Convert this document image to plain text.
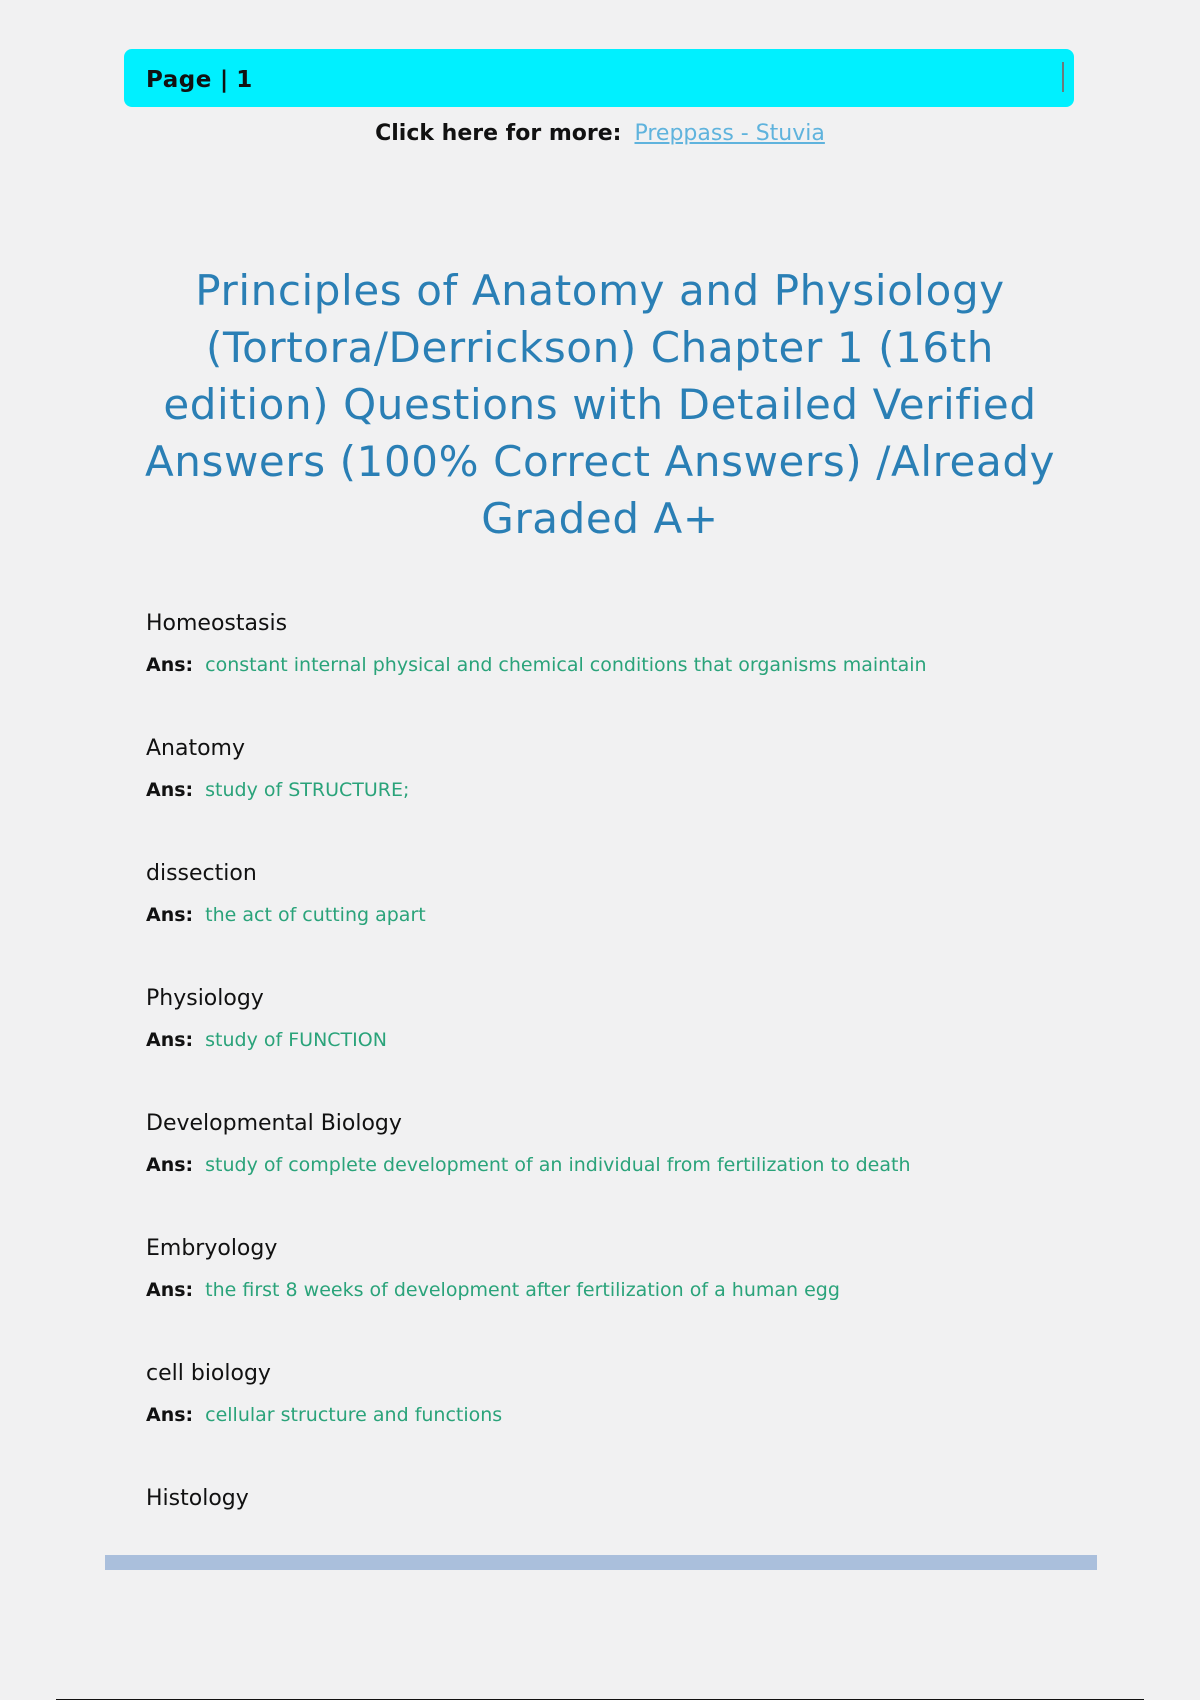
Page | 1
Click here for more: Preppass - Stuvia
Principles of Anatomy and Physiology (Tortora/Derrickson) Chapter 1 (16th edition) Questions with Detailed Verified Answers (100% Correct Answers) /Already Graded A+
Homeostasis
Ans: constant internal physical and chemical conditions that organisms maintain
Anatomy
Ans: study of STRUCTURE;
dissection
Ans: the act of cutting apart
Physiology
Ans: study of FUNCTION
Developmental Biology
Ans: study of complete development of an individual from fertilization to death
Embryology
Ans: the first 8 weeks of development after fertilization of a human egg
cell biology
Ans: cellular structure and functions
Histology
